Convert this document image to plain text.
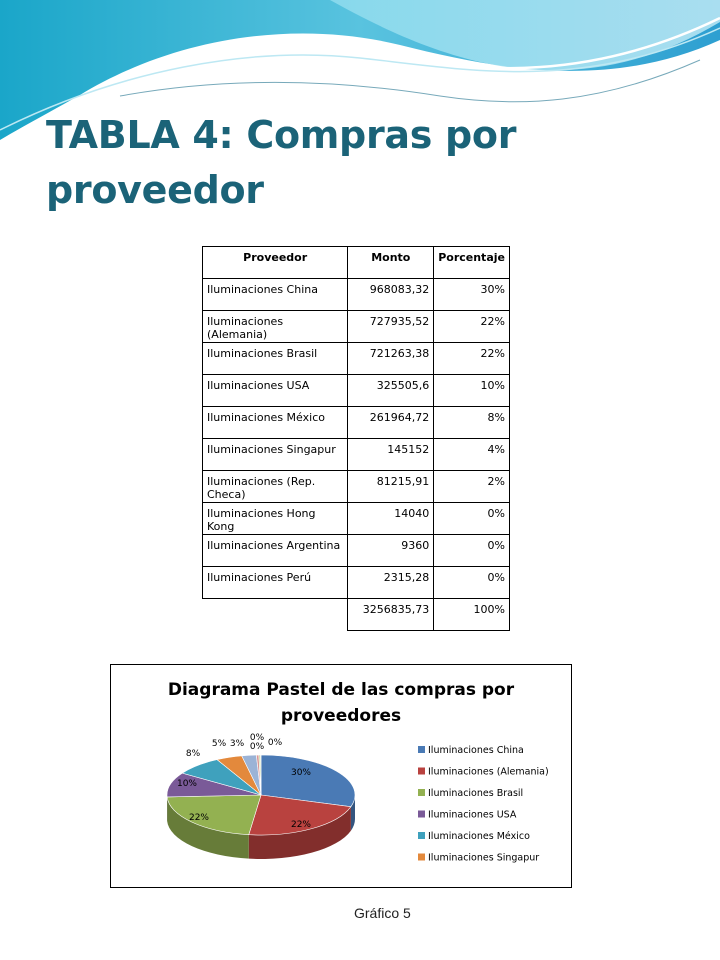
TABLA 4: Compras por proveedor
Proveedor	Monto	Porcentaje
Iluminaciones China	968083,32	30%
Iluminaciones (Alemania)	727935,52	22%
Iluminaciones Brasil	721263,38	22%
Iluminaciones USA	325505,6	10%
Iluminaciones México	261964,72	8%
Iluminaciones Singapur	145152	4%
Iluminaciones (Rep. Checa)	81215,91	2%
Iluminaciones Hong Kong	14040	0%
Iluminaciones Argentina	9360	0%
Iluminaciones Perú	2315,28	0%
	3256835,73	100%
Diagrama Pastel de las compras por
proveedores
30%
22%
22%
10%
8%
5% 3%
0%
0% 0%
Iluminaciones China
Iluminaciones (Alemania)
Iluminaciones Brasil
Iluminaciones USA
Iluminaciones México
Iluminaciones Singapur
Gráfico 5
